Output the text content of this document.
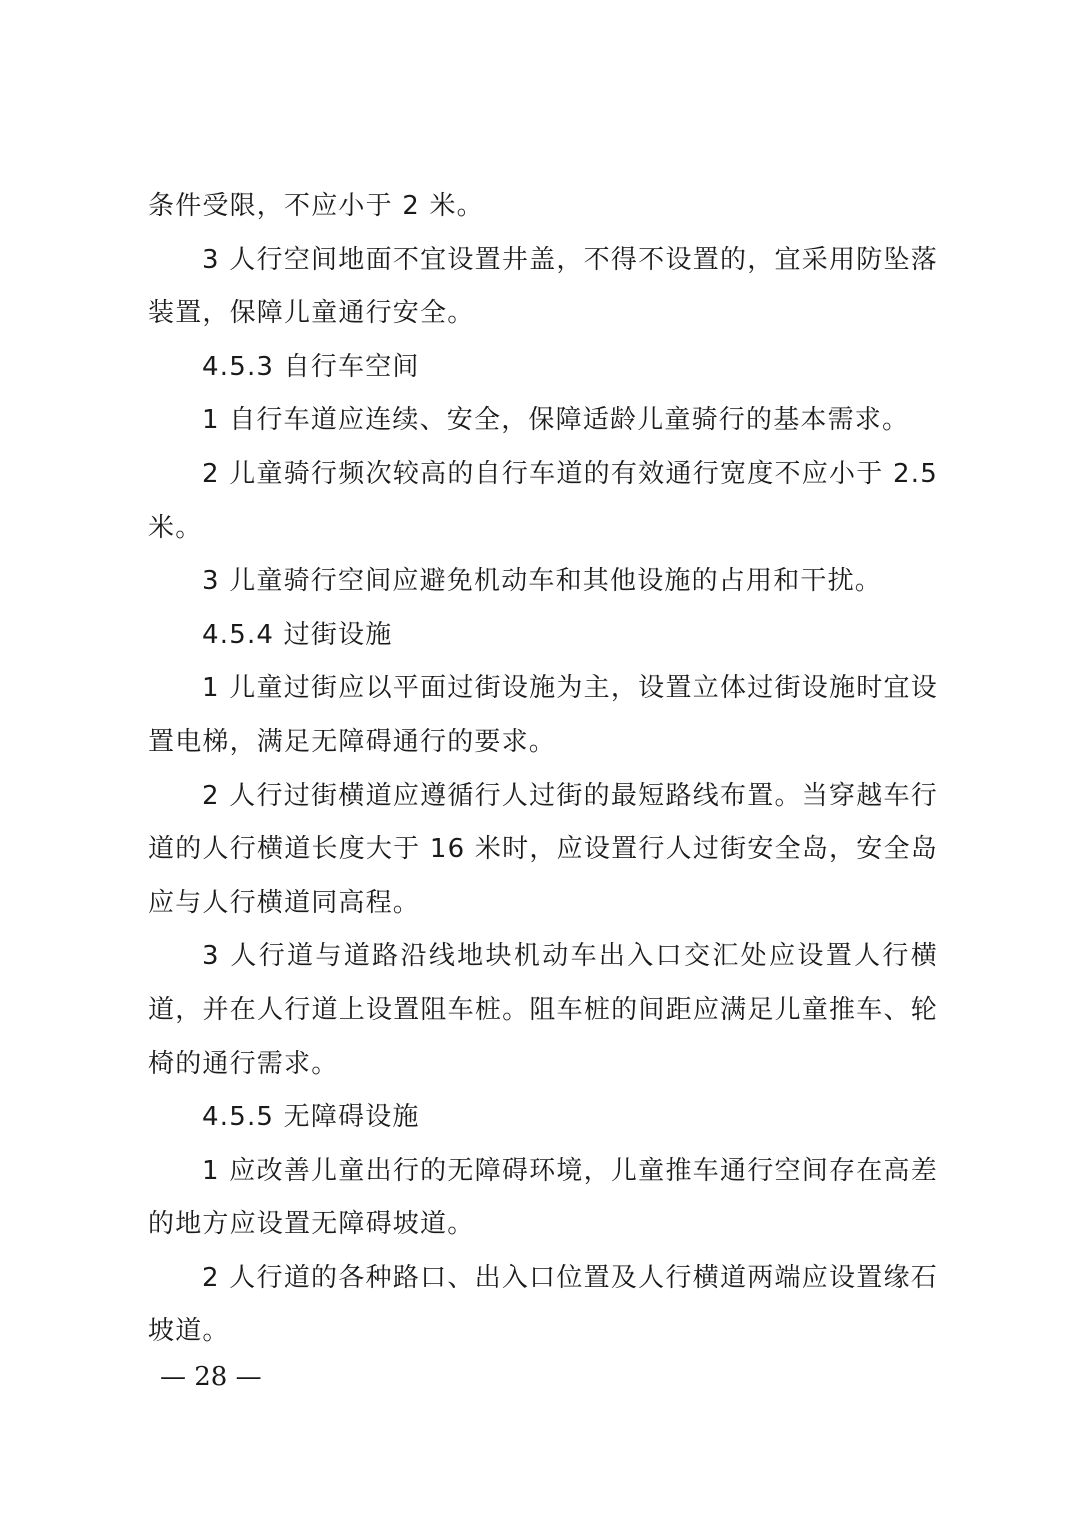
条件受限，不应小于 2 米。

3 人行空间地面不宜设置井盖，不得不设置的，宜采用防坠落装置，保障儿童通行安全。

4.5.3 自行车空间

1 自行车道应连续、安全，保障适龄儿童骑行的基本需求。

2 儿童骑行频次较高的自行车道的有效通行宽度不应小于 2.5 米。

3 儿童骑行空间应避免机动车和其他设施的占用和干扰。

4.5.4 过街设施

1 儿童过街应以平面过街设施为主，设置立体过街设施时宜设置电梯，满足无障碍通行的要求。

2 人行过街横道应遵循行人过街的最短路线布置。当穿越车行道的人行横道长度大于 16 米时，应设置行人过街安全岛，安全岛应与人行横道同高程。

3 人行道与道路沿线地块机动车出入口交汇处应设置人行横道，并在人行道上设置阻车桩。阻车桩的间距应满足儿童推车、轮椅的通行需求。

4.5.5 无障碍设施

1 应改善儿童出行的无障碍环境，儿童推车通行空间存在高差的地方应设置无障碍坡道。

2 人行道的各种路口、出入口位置及人行横道两端应设置缘石坡道。

— 28 —
